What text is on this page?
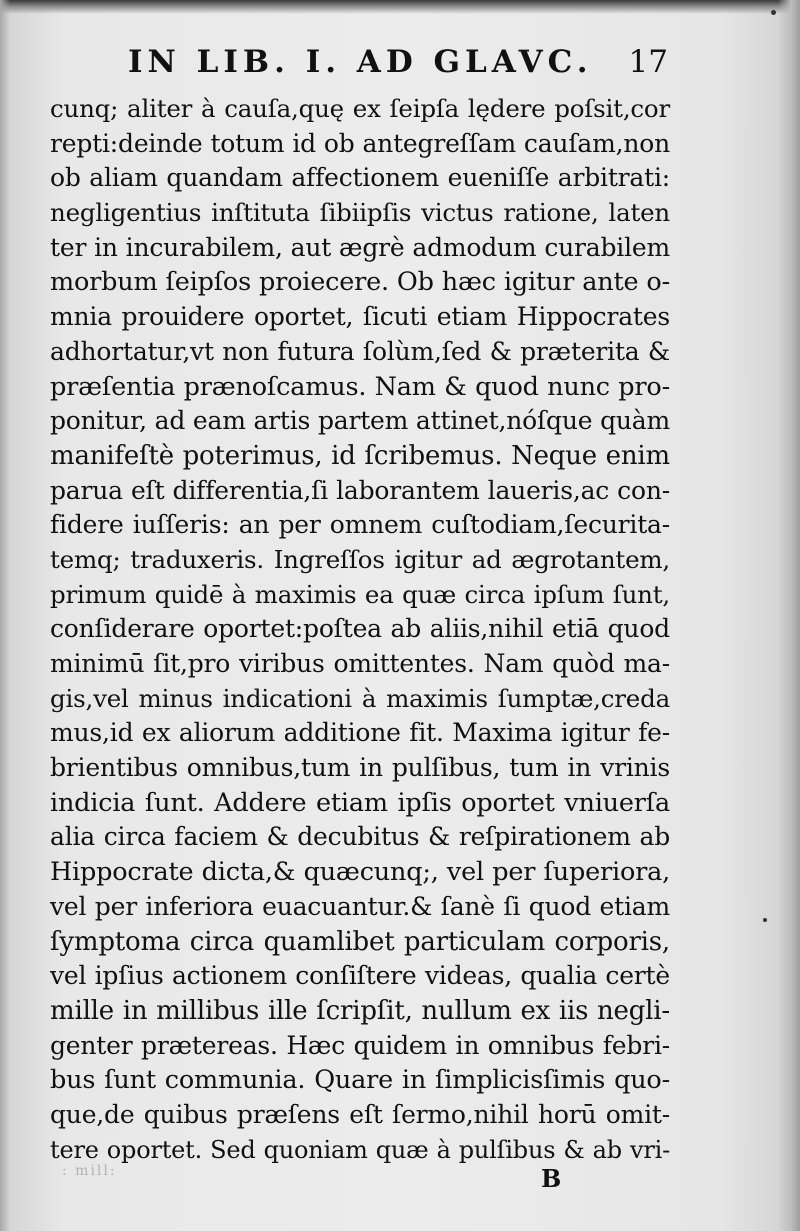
IN LIB. I. AD GLAVC. 17
cunq; aliter à cauſa,quę ex ſeipſa lędere poſsit,cor
repti:deinde totum id ob antegreſſam cauſam,non
ob aliam quandam affectionem eueniſſe arbitrati:
negligentius inſtituta ſibiipſis victus ratione, laten
ter in incurabilem, aut ægrè admodum curabilem
morbum ſeipſos proiecere. Ob hæc igitur ante o-
mnia prouidere oportet, ſicuti etiam Hippocrates
adhortatur,vt non futura ſolùm,ſed & præterita &
præſentia prænoſcamus. Nam & quod nunc pro-
ponitur, ad eam artis partem attinet,nóſque quàm
manifeſtè poterimus, id ſcribemus. Neque enim
parua eſt differentia,ſi laborantem laueris,ac con-
fidere iuſſeris: an per omnem cuſtodiam,ſecurita-
temq; traduxeris. Ingreſſos igitur ad ægrotantem,
primum quidē à maximis ea quæ circa ipſum ſunt,
conſiderare oportet:poſtea ab aliis,nihil etiā quod
minimū ſit,pro viribus omittentes. Nam quòd ma-
gis,vel minus indicationi à maximis ſumptæ,creda
mus,id ex aliorum additione fit. Maxima igitur fe-
brientibus omnibus,tum in pulſibus, tum in vrinis
indicia ſunt. Addere etiam ipſis oportet vniuerſa
alia circa faciem & decubitus & reſpirationem ab
Hippocrate dicta,& quæcunq;, vel per ſuperiora,
vel per inferiora euacuantur.& ſanè ſi quod etiam
ſymptoma circa quamlibet particulam corporis,
vel ipſius actionem conſiſtere videas, qualia certè
mille in millibus ille ſcripſit, nullum ex iis negli-
genter prætereas. Hæc quidem in omnibus febri-
bus ſunt communia. Quare in ſimplicisſimis quo-
que,de quibus præſens eſt ſermo,nihil horū omit-
tere oportet. Sed quoniam quæ à pulſibus & ab vri-
: mill:	B
